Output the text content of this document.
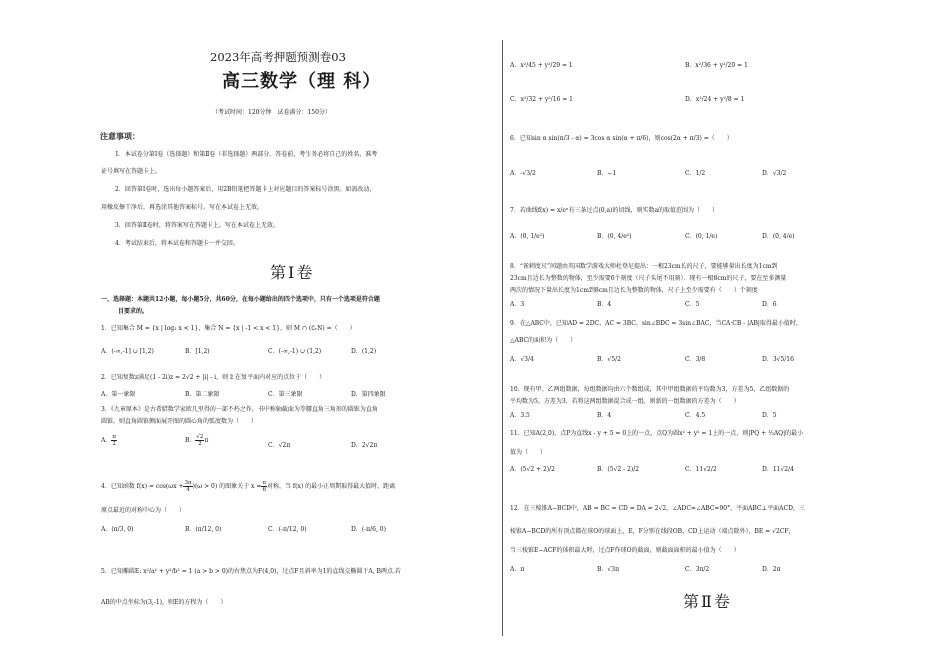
2023年高考押题预测卷03
高三数学（理 科）
（考试时间：120分钟　试卷满分：150分）
注意事项：
1．本试卷分第Ⅰ卷（选择题）和第Ⅱ卷（非选择题）两部分。答卷前，考生务必将自己的姓名、准考
证号填写在答题卡上。
2．回答第Ⅰ卷时，选出每小题答案后，用2B铅笔把答题卡上对应题目的答案标号涂黑。如需改动，
用橡皮擦干净后，再选涂其他答案标号。写在本试卷上无效。
3．回答第Ⅱ卷时，将答案写在答题卡上。写在本试卷上无效。
4．考试结束后，将本试卷和答题卡一并交回。
第Ⅰ卷
一、选择题：本题共12小题，每小题5分，共60分，在每小题给出的四个选项中，只有一个选项是符合题
目要求的。
1．已知集合 M = {x | log₂ x < 1}，集合 N = {x | -1 < x < 1}，则 M ∩ (∁ᵣN) =（　　）
A．(-∞,-1] ∪ [1,2)	B．[1,2)	C．(-∞,-1) ∪ (1,2)	D．(1,2)
2．已知复数z满足(1 - 2i)z = 2√2 + |i| - i，则 z̄ 在复平面内对应的点位于（　　）
A．第一象限	B．第二象限	C．第三象限	D．第四象限
3．《九章原本》是古希腊数学家欧几里得的一部不朽之作，书中称轴截面为等腰直角三角形的圆锥为直角
圆锥，则直角圆锥侧面展开图的圆心角的弧度数为（　　）
A． $\frac{\pi}{2}$	B． $\frac{√2}{2}$ π
C．√2π	D．2√2π
4．已知函数 $f(x) = \cos(\omega x + \frac{3\pi}{4} )(\omega > 0)$ 的图象关于 $x = \frac{\pi}{6}$ 对称，当 f(x) 的最小正周期取得最大值时，距离
原点最近的对称中心为（　　）
A．(π/3, 0)	B．(π/12, 0)	C．(-π/12, 0)	D．(-π/6, 0)
5．已知椭圆E: x²/a² + y²/b² = 1 (a > b > 0)的右焦点为F(4,0)，过点F且斜率为1的直线交椭圆于A, B两点.若
AB的中点坐标为(3,-1)，则E的方程为（　　）
A．x²/45 + y²/29 = 1	B．x²/36 + y²/20 = 1
C．x²/32 + y²/16 = 1	D．x²/24 + y²/8 = 1
6．已知sin α sin(π/3 - α) = 3cos α sin(α + π/6)，则cos(2α + π/3) =（　　）
A．-√3/2	B．−1	C．1/2	D．√3/2
7．若曲线f(x) = x/eˣ有三条过点(0,a)的切线，则实数a的取值范围为（　　）
A．(0, 1/e²)	B．(0, 4/e²)	C．(0, 1/e)	D．(0, 4/e)
8．“雀刺度尺”问题由英国数学游戏大师杜登尼提出：一根23cm长的尺子，要能够量出长度为1cm到
23cm且边长为整数的物体，至少需要6个刻度（尺子头尾不用刻）．现有一根8cm的尺子，要在至多测量
两次的情况下量出长度为1cm到8cm且边长为整数的物体，尺子上至少需要有（　　）个刻度
A．3	B．4	C．5	D．6
9．在△ABC中，已知AD = 2DC，AC = 3BC，sin∠BDC = 3sin∠BAC，当CA·CB - |AB|取得最小值时，
△ABC的面积为（　　）
A．√3/4	B．√5/2	C．3/8	D．3√5/16
10．现有甲、乙两组数据，每组数据均由六个数组成，其中甲组数据的平均数为3，方差为5，乙组数据的
平均数为5，方差为3．若将这两组数据混合成一组，则新的一组数据的方差为（　　）
A．3.5	B．4	C．4.5	D．5
11．已知A(2,0)，点P为直线x - y + 5 = 0上的一点，点Q为圆x² + y² = 1上的一点，则|PQ + ½AQ|的最小
值为（　　）
A．(5√2 + 2)/2	B．(5√2 - 2)/2	C．11√2/2	D．11√2/4
12．在三棱锥A−BCD中，AB = BC = CD = DA = 2√2，∠ADC=∠ABC=90°，平面ABC⊥平面ACD，三
棱锥A−BCD的所有顶点都在球O的球面上，E，F分别在线段OB，CD上运动（端点除外），BE = √2CF，
当三棱锥E−ACF的体积最大时，过点F作球O的截面，则截面面积的最小值为（　　）
A．π	B．√3π	C．3π/2	D．2π
第Ⅱ卷
